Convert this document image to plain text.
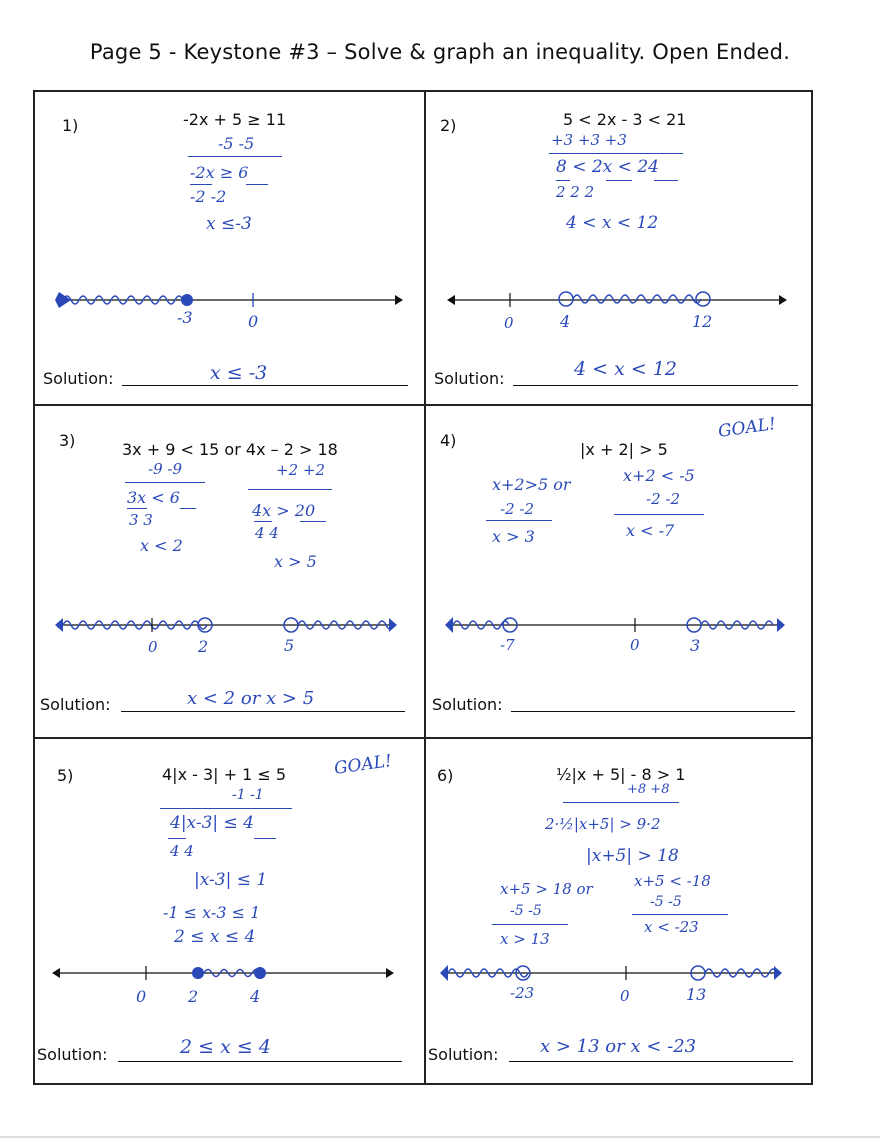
Page 5 - Keystone #3 – Solve & graph an inequality. Open Ended.
1)	-2x + 5 ≥ 11
-5 -5
-2x ≥ 6
-2 -2
x ≤-3
-3	0
Solution:	x ≤ -3
2)	5 < 2x - 3 < 21
+3 +3 +3
8 < 2x < 24
2 2 2
4 < x < 12
0	4	12
Solution:	4 < x < 12
3)	3x + 9 < 15 or 4x – 2 > 18
-9 -9
3x < 6
3 3
x < 2
+2 +2
4x > 20
4 4
x > 5
0	2	5
Solution:	x < 2 or x > 5
4)	|x + 2| > 5
GOAL!
x+2>5 or
-2 -2
x > 3
x+2 < -5
-2 -2
x < -7
-7	0	3
Solution:
5)	4|x - 3| + 1 ≤ 5	GOAL!
-1 -1
4|x-3| ≤ 4
4 4
|x-3| ≤ 1
-1 ≤ x-3 ≤ 1
2 ≤ x ≤ 4
0	2	4
Solution:	2 ≤ x ≤ 4
6)	½|x + 5| - 8 > 1
+8 +8
2·½|x+5| > 9·2
|x+5| > 18
x+5 > 18 or
-5 -5
x > 13
x+5 < -18
-5 -5
x < -23
-23	0	13
Solution: x > 13 or x < -23
